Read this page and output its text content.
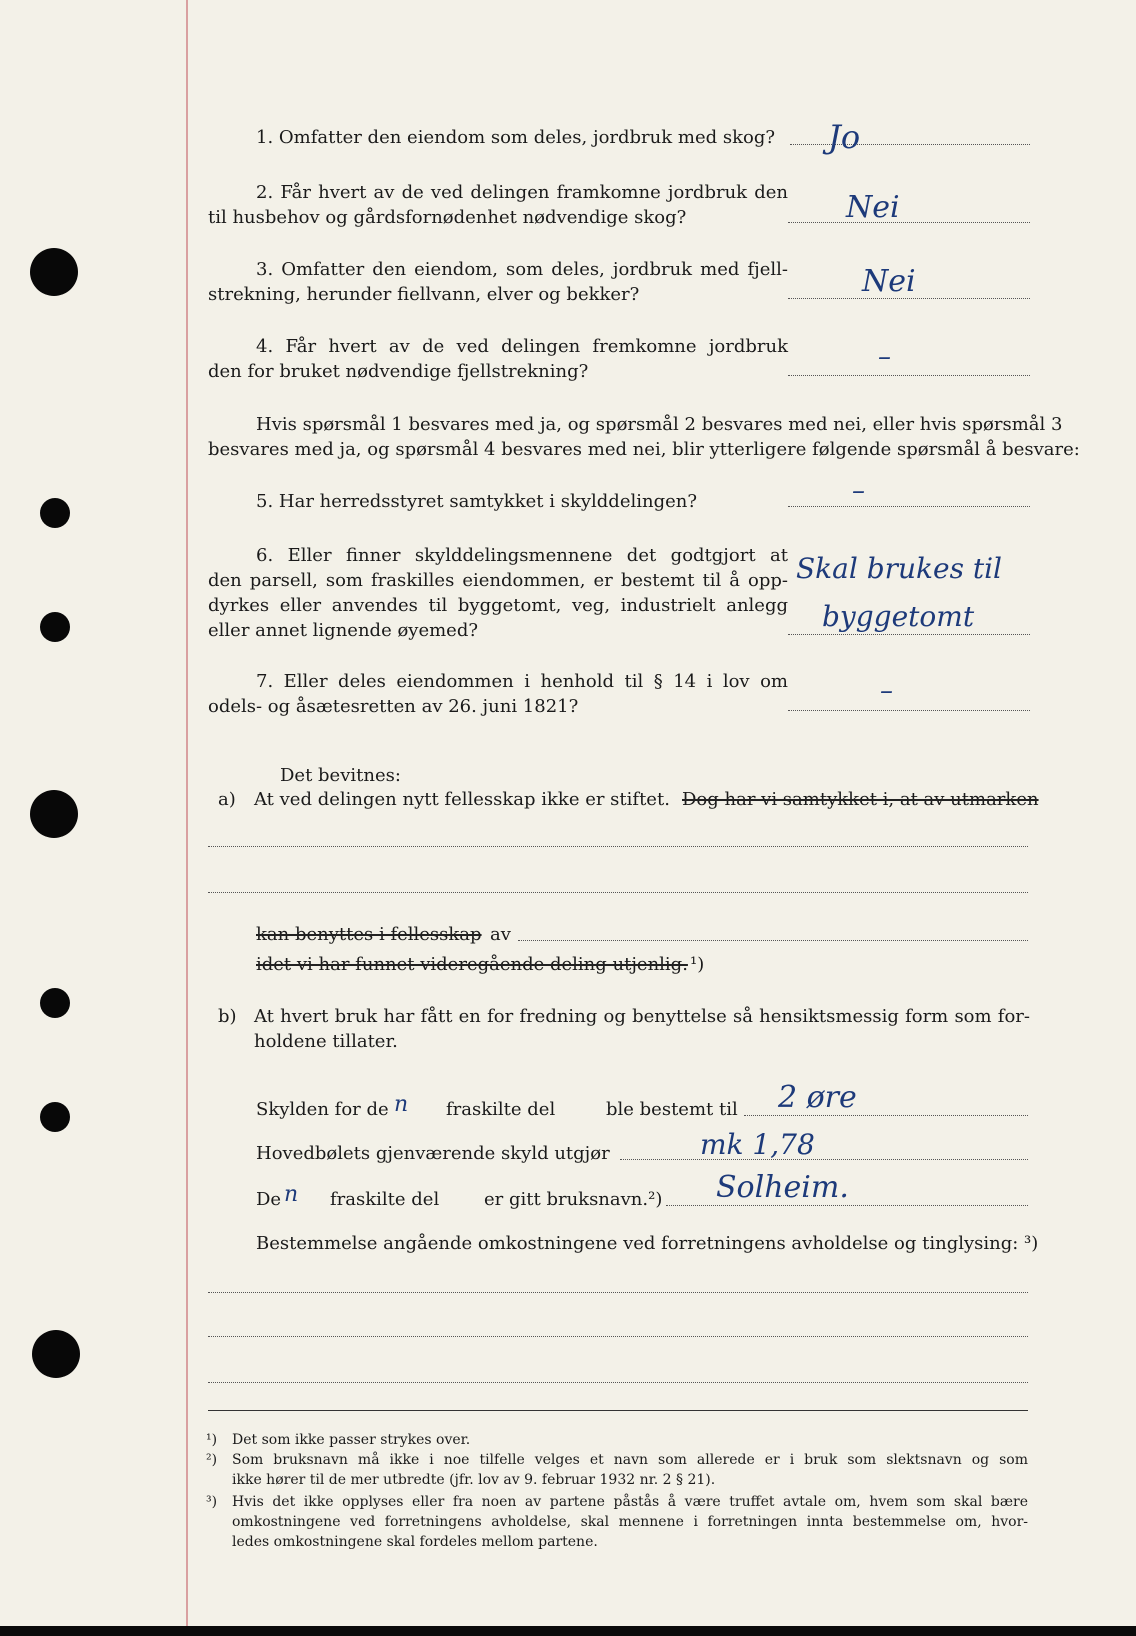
1. Omfatter den eiendom som deles, jordbruk med skog? Jo
2. Får hvert av de ved delingen framkomne jordbruk den
til husbehov og gårdsfornødenhet nødvendige skog?	Nei
3. Omfatter den eiendom, som deles, jordbruk med fjell-
strekning, herunder fiellvann, elver og bekker?	Nei
4. Får hvert av de ved delingen fremkomne jordbruk
den for bruket nødvendige fjellstrekning?	–
Hvis spørsmål 1 besvares med ja, og spørsmål 2 besvares med nei, eller hvis spørsmål 3
besvares med ja, og spørsmål 4 besvares med nei, blir ytterligere følgende spørsmål å besvare:
5. Har herredsstyret samtykket i skylddelingen?	–
6. Eller finner skylddelingsmennene det godtgjort at
den parsell, som fraskilles eiendommen, er bestemt til å opp-
dyrkes eller anvendes til byggetomt, veg, industrielt anlegg
eller annet lignende øyemed?
Skal brukes til
byggetomt
7. Eller deles eiendommen i henhold til § 14 i lov om
odels- og åsætesretten av 26. juni 1821?
–
Det bevitnes:
a) At ved delingen nytt fellesskap ikke er stiftet. Dog har vi samtykket i, at av utmarken
kan benyttes i fellesskap av
idet vi har funnet videregående deling utjenlig. ¹)
b) At hvert bruk har fått en for fredning og benyttelse så hensiktsmessig form som for-
holdene tillater.
Skylden for de n fraskilte del	ble bestemt til 2 øre
Hovedbølets gjenværende skyld utgjør	mk 1,78
De n fraskilte del er gitt bruksnavn.²) Solheim.
Bestemmelse angående omkostningene ved forretningens avholdelse og tinglysing: ³)
¹) Det som ikke passer strykes over.
²) Som bruksnavn må ikke i noe tilfelle velges et navn som allerede er i bruk som slektsnavn og som
ikke hører til de mer utbredte (jfr. lov av 9. februar 1932 nr. 2 § 21).
³) Hvis det ikke opplyses eller fra noen av partene påstås å være truffet avtale om, hvem som skal bære
omkostningene ved forretningens avholdelse, skal mennene i forretningen innta bestemmelse om, hvor-
ledes omkostningene skal fordeles mellom partene.
